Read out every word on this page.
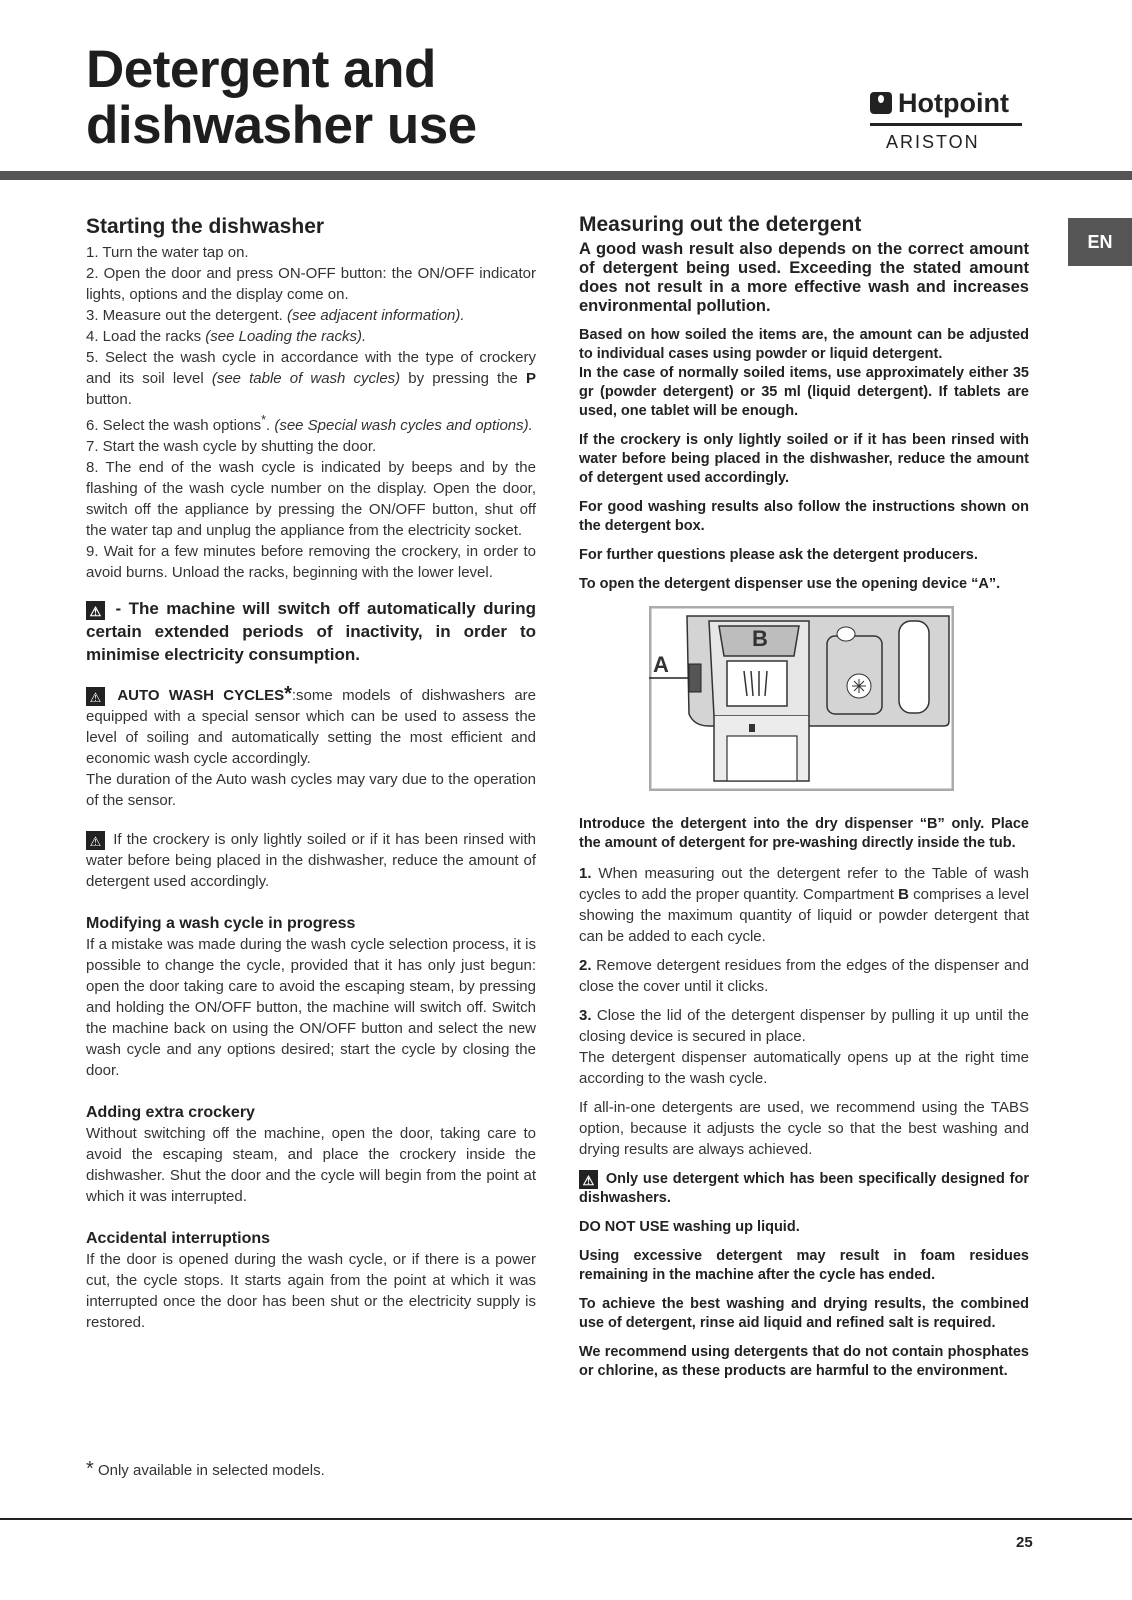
Detergent and
dishwasher use	Hotpoint
ARISTON
EN
Starting the dishwasher

1. Turn the water tap on.

2. Open the door and press ON-OFF button: the ON/OFF indicator lights, options and the display come on.

3. Measure out the detergent. (see adjacent information).

4. Load the racks (see Loading the racks).

5. Select the wash cycle in accordance with the type of crockery and its soil level (see table of wash cycles) by pressing the P button.

6. Select the wash options*. (see Special wash cycles and options).

7. Start the wash cycle by shutting the door.

8. The end of the wash cycle is indicated by beeps and by the flashing of the wash cycle number on the display. Open the door, switch off the appliance by pressing the ON/OFF button, shut off the water tap and unplug the appliance from the electricity socket.

9. Wait for a few minutes before removing the crockery, in order to avoid burns. Unload the racks, beginning with the lower level.

⚠ - The machine will switch off automatically during certain extended periods of inactivity, in order to minimise electricity consumption.

⚠ AUTO WASH CYCLES*:some models of dishwashers are equipped with a special sensor which can be used to assess the level of soiling and automatically setting the most efficient and economic wash cycle accordingly.

The duration of the Auto wash cycles may vary due to the operation of the sensor.

⚠ If the crockery is only lightly soiled or if it has been rinsed with water before being placed in the dishwasher, reduce the amount of detergent used accordingly.

Modifying a wash cycle in progress

If a mistake was made during the wash cycle selection process, it is possible to change the cycle, provided that it has only just begun: open the door taking care to avoid the escaping steam, by pressing and holding the ON/OFF button, the machine will switch off. Switch the machine back on using the ON/OFF button and select the new wash cycle and any options desired; start the cycle by closing the door.

Adding extra crockery

Without switching off the machine, open the door, taking care to avoid the escaping steam, and place the crockery inside the dishwasher. Shut the door and the cycle will begin from the point at which it was interrupted.

Accidental interruptions

If the door is opened during the wash cycle, or if there is a power cut, the cycle stops. It starts again from the point at which it was interrupted once the door has been shut or the electricity supply is restored.

* Only available in selected models.
Measuring out the detergent

A good wash result also depends on the correct amount of detergent being used. Exceeding the stated amount does not result in a more effective wash and increases environmental pollution.

Based on how soiled the items are, the amount can be adjusted to individual cases using powder or liquid detergent.

In the case of normally soiled items, use approximately either 35 gr (powder detergent) or 35 ml (liquid detergent). If tablets are used, one tablet will be enough.

If the crockery is only lightly soiled or if it has been rinsed with water before being placed in the dishwasher, reduce the amount of detergent used accordingly.

For good washing results also follow the instructions shown on the detergent box.

For further questions please ask the detergent producers.

To open the detergent dispenser use the opening device “A”.

B
A

Introduce the detergent into the dry dispenser “B” only. Place the amount of detergent for pre-washing directly inside the tub.

1. When measuring out the detergent refer to the Table of wash cycles to add the proper quantity. Compartment B comprises a level showing the maximum quantity of liquid or powder detergent that can be added to each cycle.

2. Remove detergent residues from the edges of the dispenser and close the cover until it clicks.

3. Close the lid of the detergent dispenser by pulling it up until the closing device is secured in place.

The detergent dispenser automatically opens up at the right time according to the wash cycle.

If all-in-one detergents are used, we recommend using the TABS option, because it adjusts the cycle so that the best washing and drying results are always achieved.

⚠ Only use detergent which has been specifically designed for dishwashers.

DO NOT USE washing up liquid.

Using excessive detergent may result in foam residues remaining in the machine after the cycle has ended.

To achieve the best washing and drying results, the combined use of detergent, rinse aid liquid and refined salt is required.

We recommend using detergents that do not contain phosphates or chlorine, as these products are harmful to the environment.

25
